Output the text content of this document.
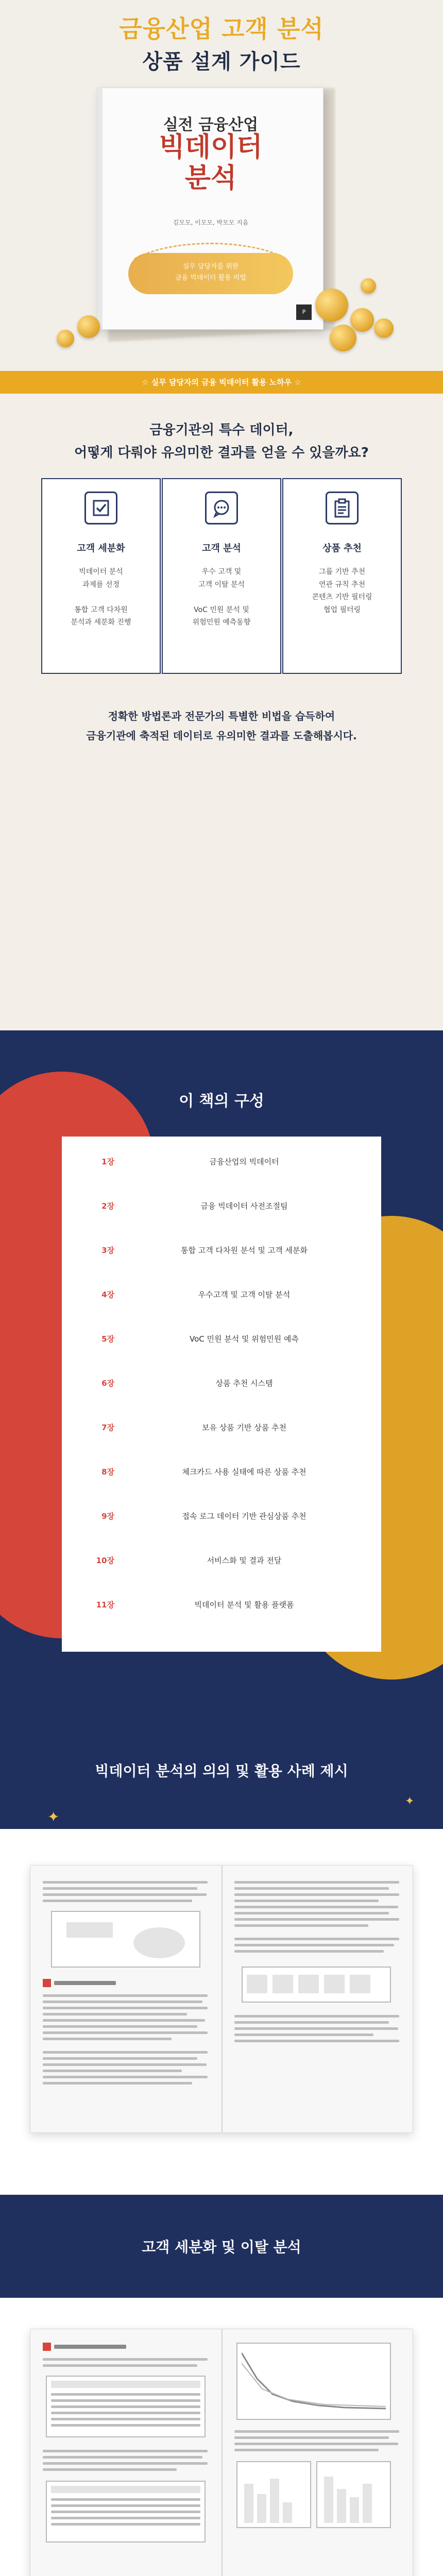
금융산업 고객 분석
상품 설계 가이드
실전 금융산업
빅데이터
분석
김모모, 이모모, 박모모 지음
실무 담당자를 위한
금융 빅데이터 활용 비법
P
☆ 실무 담당자의 금융 빅데이터 활용 노하우 ☆
금융기관의 특수 데이터,
어떻게 다뤄야 유의미한 결과를 얻을 수 있을까요?
고객 세분화
빅데이터 분석
과제를 선정

통합 고객 다차원
분석과 세분화 진행
고객 분석
우수 고객 및
고객 이탈 분석

VoC 민원 분석 및
위험민원 예측동향
상품 추천
그룹 기반 추천
연관 규칙 추천
콘텐츠 기반 필터링
협업 필터링
정확한 방법론과 전문가의 특별한 비법을 습득하여
금융기관에 축적된 데이터로 유의미한 결과를 도출해봅시다.
이 책의 구성
1장	금융산업의 빅데이터
2장	금융 빅데이터 사전조절팀
3장	통합 고객 다차원 분석 및 고객 세분화
4장	우수고객 및 고객 이탈 분석
5장	VoC 민원 분석 및 위험민원 예측
6장	상품 추천 시스템
7장	보유 상품 기반 상품 추천
8장	체크카드 사용 실태에 따른 상품 추천
9장	접속 로그 데이터 기반 관심상품 추천
10장	서비스화 및 결과 전달
11장	빅데이터 분석 및 활용 플랫폼
빅데이터 분석의 의의 및 활용 사례 제시
✦
✦
고객 세분화 및 이탈 분석
